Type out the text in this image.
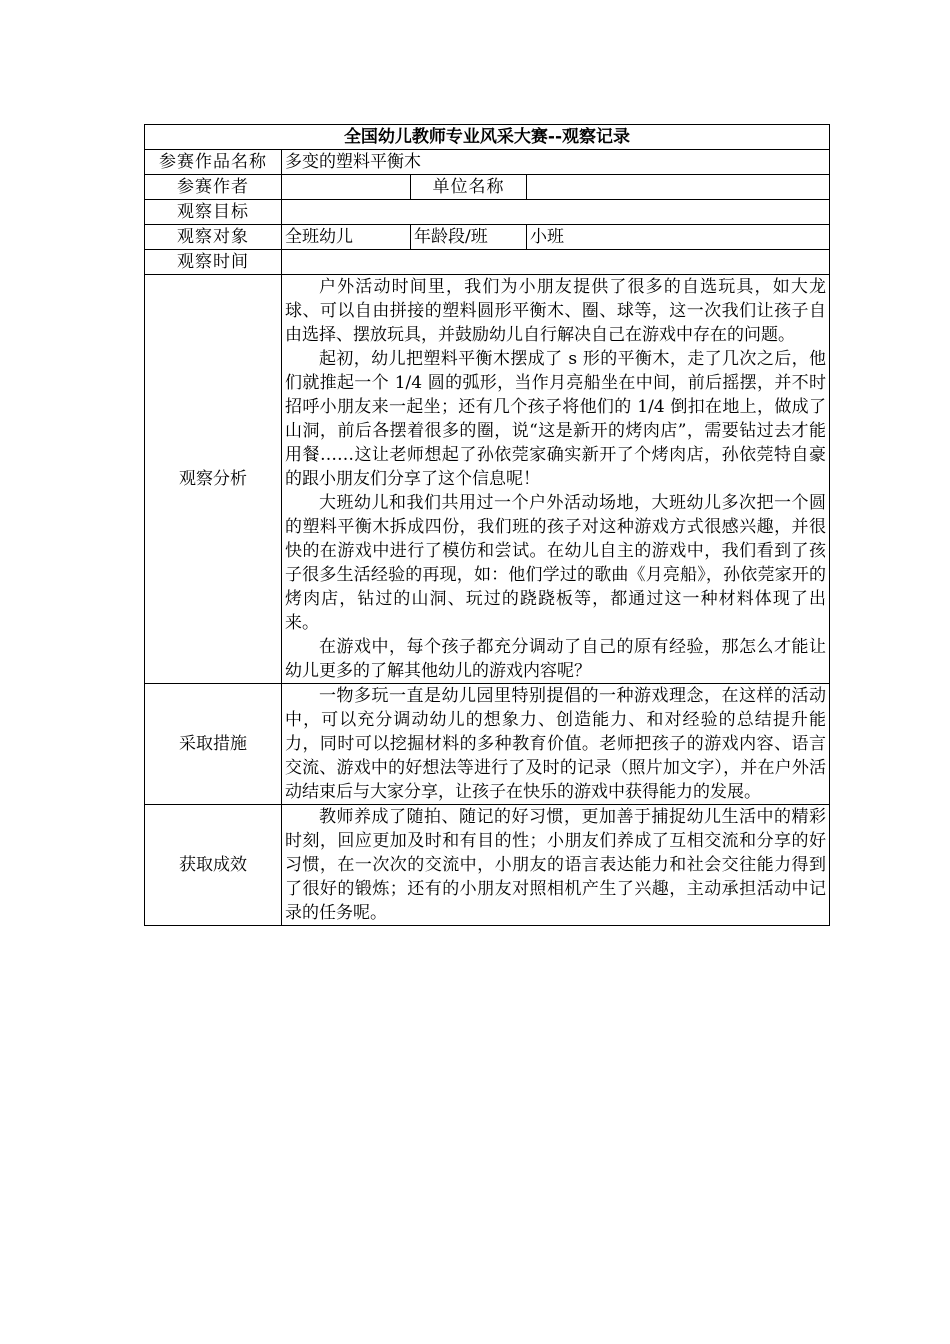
全国幼儿教师专业风采大赛--观察记录			
参赛作品名称	多变的塑料平衡木		
参赛作者		单位名称	
观察目标			
观察对象	全班幼儿	年龄段/班	小班
观察时间			
观察分析	户外活动时间里，我们为小朋友提供了很多的自选玩具，如大龙球、可以自由拼接的塑料圆形平衡木、圈、球等，这一次我们让孩子自由选择、摆放玩具，并鼓励幼儿自行解决自己在游戏中存在的问题。

起初，幼儿把塑料平衡木摆成了 s 形的平衡木，走了几次之后，他们就推起一个 1/4 圆的弧形，当作月亮船坐在中间，前后摇摆，并不时招呼小朋友来一起坐；还有几个孩子将他们的 1/4 倒扣在地上，做成了山洞，前后各摆着很多的圈，说“这是新开的烤肉店”，需要钻过去才能用餐……这让老师想起了孙依莞家确实新开了个烤肉店，孙依莞特自豪的跟小朋友们分享了这个信息呢！

大班幼儿和我们共用过一个户外活动场地，大班幼儿多次把一个圆的塑料平衡木拆成四份，我们班的孩子对这种游戏方式很感兴趣，并很快的在游戏中进行了模仿和尝试。在幼儿自主的游戏中，我们看到了孩子很多生活经验的再现，如：他们学过的歌曲《月亮船》，孙依莞家开的烤肉店，钻过的山洞、玩过的跷跷板等，都通过这一种材料体现了出来。

在游戏中，每个孩子都充分调动了自己的原有经验，那怎么才能让幼儿更多的了解其他幼儿的游戏内容呢？		

采取措施	一物多玩一直是幼儿园里特别提倡的一种游戏理念，在这样的活动中，可以充分调动幼儿的想象力、创造能力、和对经验的总结提升能力，同时可以挖掘材料的多种教育价值。老师把孩子的游戏内容、语言交流、游戏中的好想法等进行了及时的记录（照片加文字），并在户外活动结束后与大家分享，让孩子在快乐的游戏中获得能力的发展。		

获取成效	教师养成了随拍、随记的好习惯，更加善于捕捉幼儿生活中的精彩时刻，回应更加及时和有目的性；小朋友们养成了互相交流和分享的好习惯，在一次次的交流中，小朋友的语言表达能力和社会交往能力得到了很好的锻炼；还有的小朋友对照相机产生了兴趣，主动承担活动中记录的任务呢。		
